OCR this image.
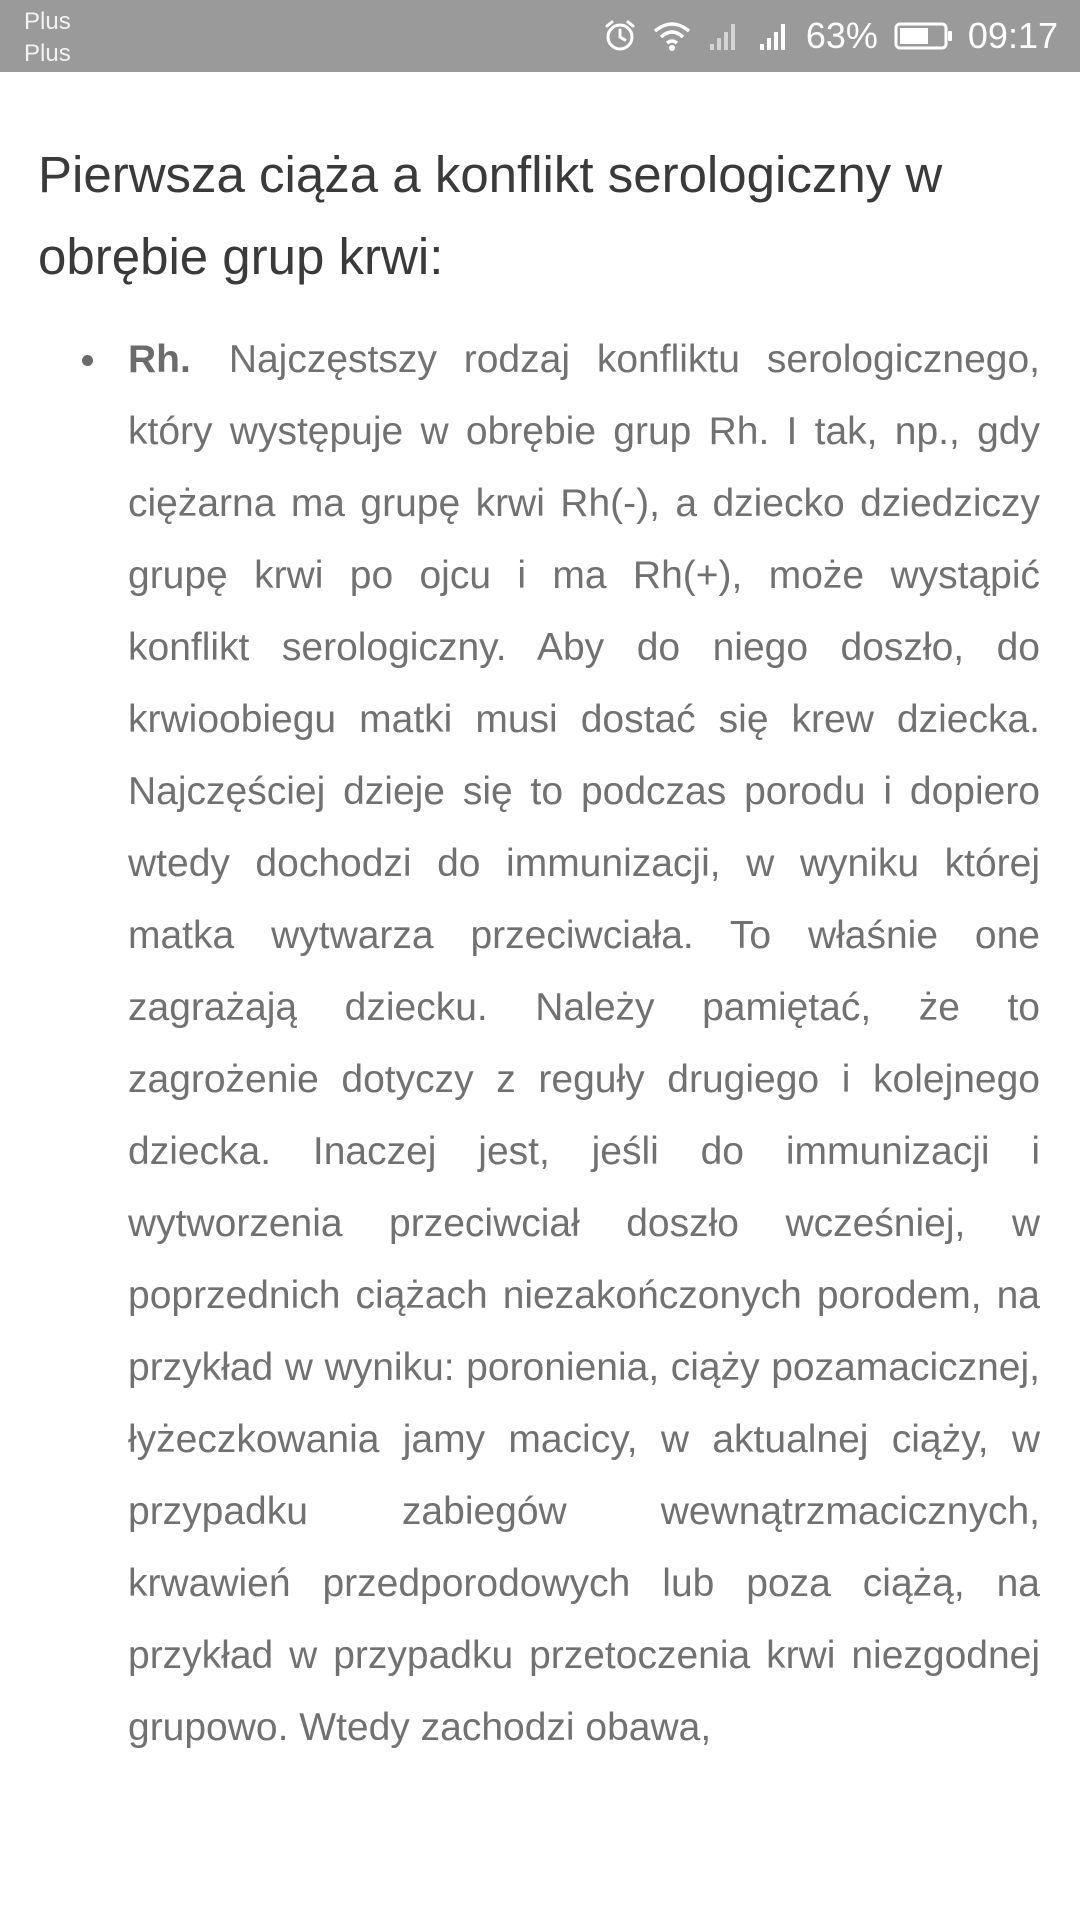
Plus
Plus	63%	09:17
Pierwsza ciąża a konflikt serologiczny w obrębie grup krwi:
Rh. Najczęstszy rodzaj konfliktu serologicznego, który występuje w obrębie grup Rh. I tak, np., gdy ciężarna ma grupę krwi Rh(-), a dziecko dziedziczy grupę krwi po ojcu i ma Rh(+), może wystąpić konflikt serologiczny. Aby do niego doszło, do krwioobiegu matki musi dostać się krew dziecka. Najczęściej dzieje się to podczas porodu i dopiero wtedy dochodzi do immunizacji, w wyniku której matka wytwarza przeciwciała. To właśnie one zagrażają dziecku. Należy pamiętać, że to zagrożenie dotyczy z reguły drugiego i kolejnego dziecka. Inaczej jest, jeśli do immunizacji i wytworzenia przeciwciał doszło wcześniej, w poprzednich ciążach niezakończonych porodem, na przykład w wyniku: poronienia, ciąży pozamacicznej, łyżeczkowania jamy macicy, w aktualnej ciąży, w przypadku zabiegów wewnątrzmacicznych, krwawień przedporodowych lub poza ciążą, na przykład w przypadku przetoczenia krwi niezgodnej grupowo. Wtedy zachodzi obawa,
